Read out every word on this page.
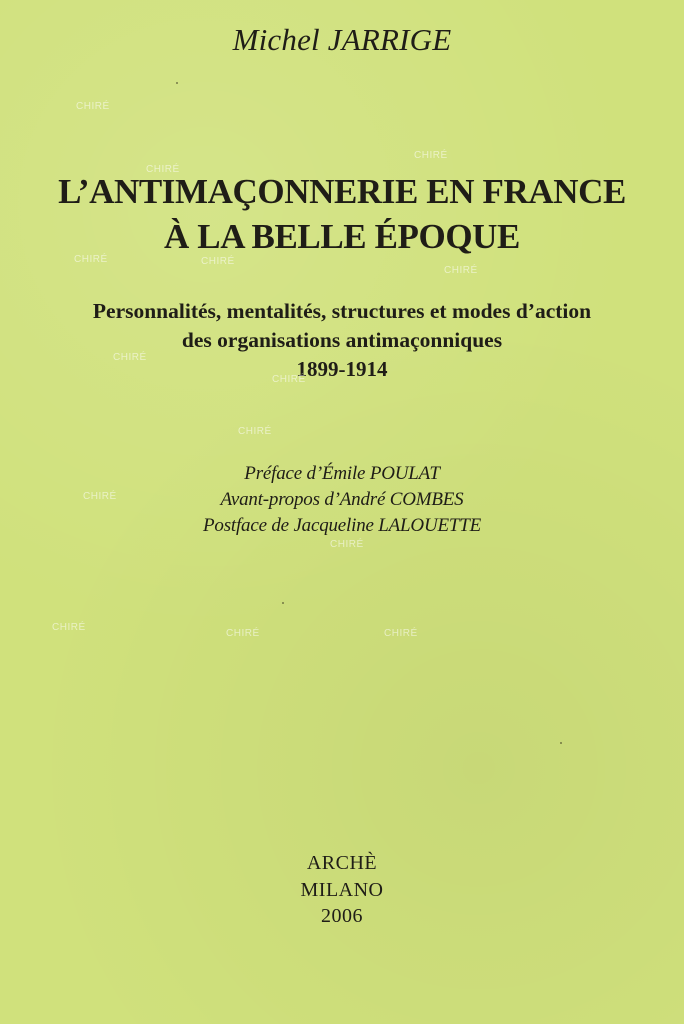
Michel JARRIGE
L’ANTIMAÇONNERIE EN FRANCE
À LA BELLE ÉPOQUE
Personnalités, mentalités, structures et modes d’action
des organisations antimaçonniques
1899-1914
Préface d’Émile POULAT
Avant-propos d’André COMBES
Postface de Jacqueline LALOUETTE
ARCHÈ
MILANO
2006
CHIRÉ
CHIRÉ
CHIRÉ
CHIRÉ	CHIRÉ
CHIRÉ
CHIRÉ
CHIRÉ
CHIRÉ
CHIRÉ
CHIRÉ
CHIRÉ
CHIRÉ	CHIRÉ
